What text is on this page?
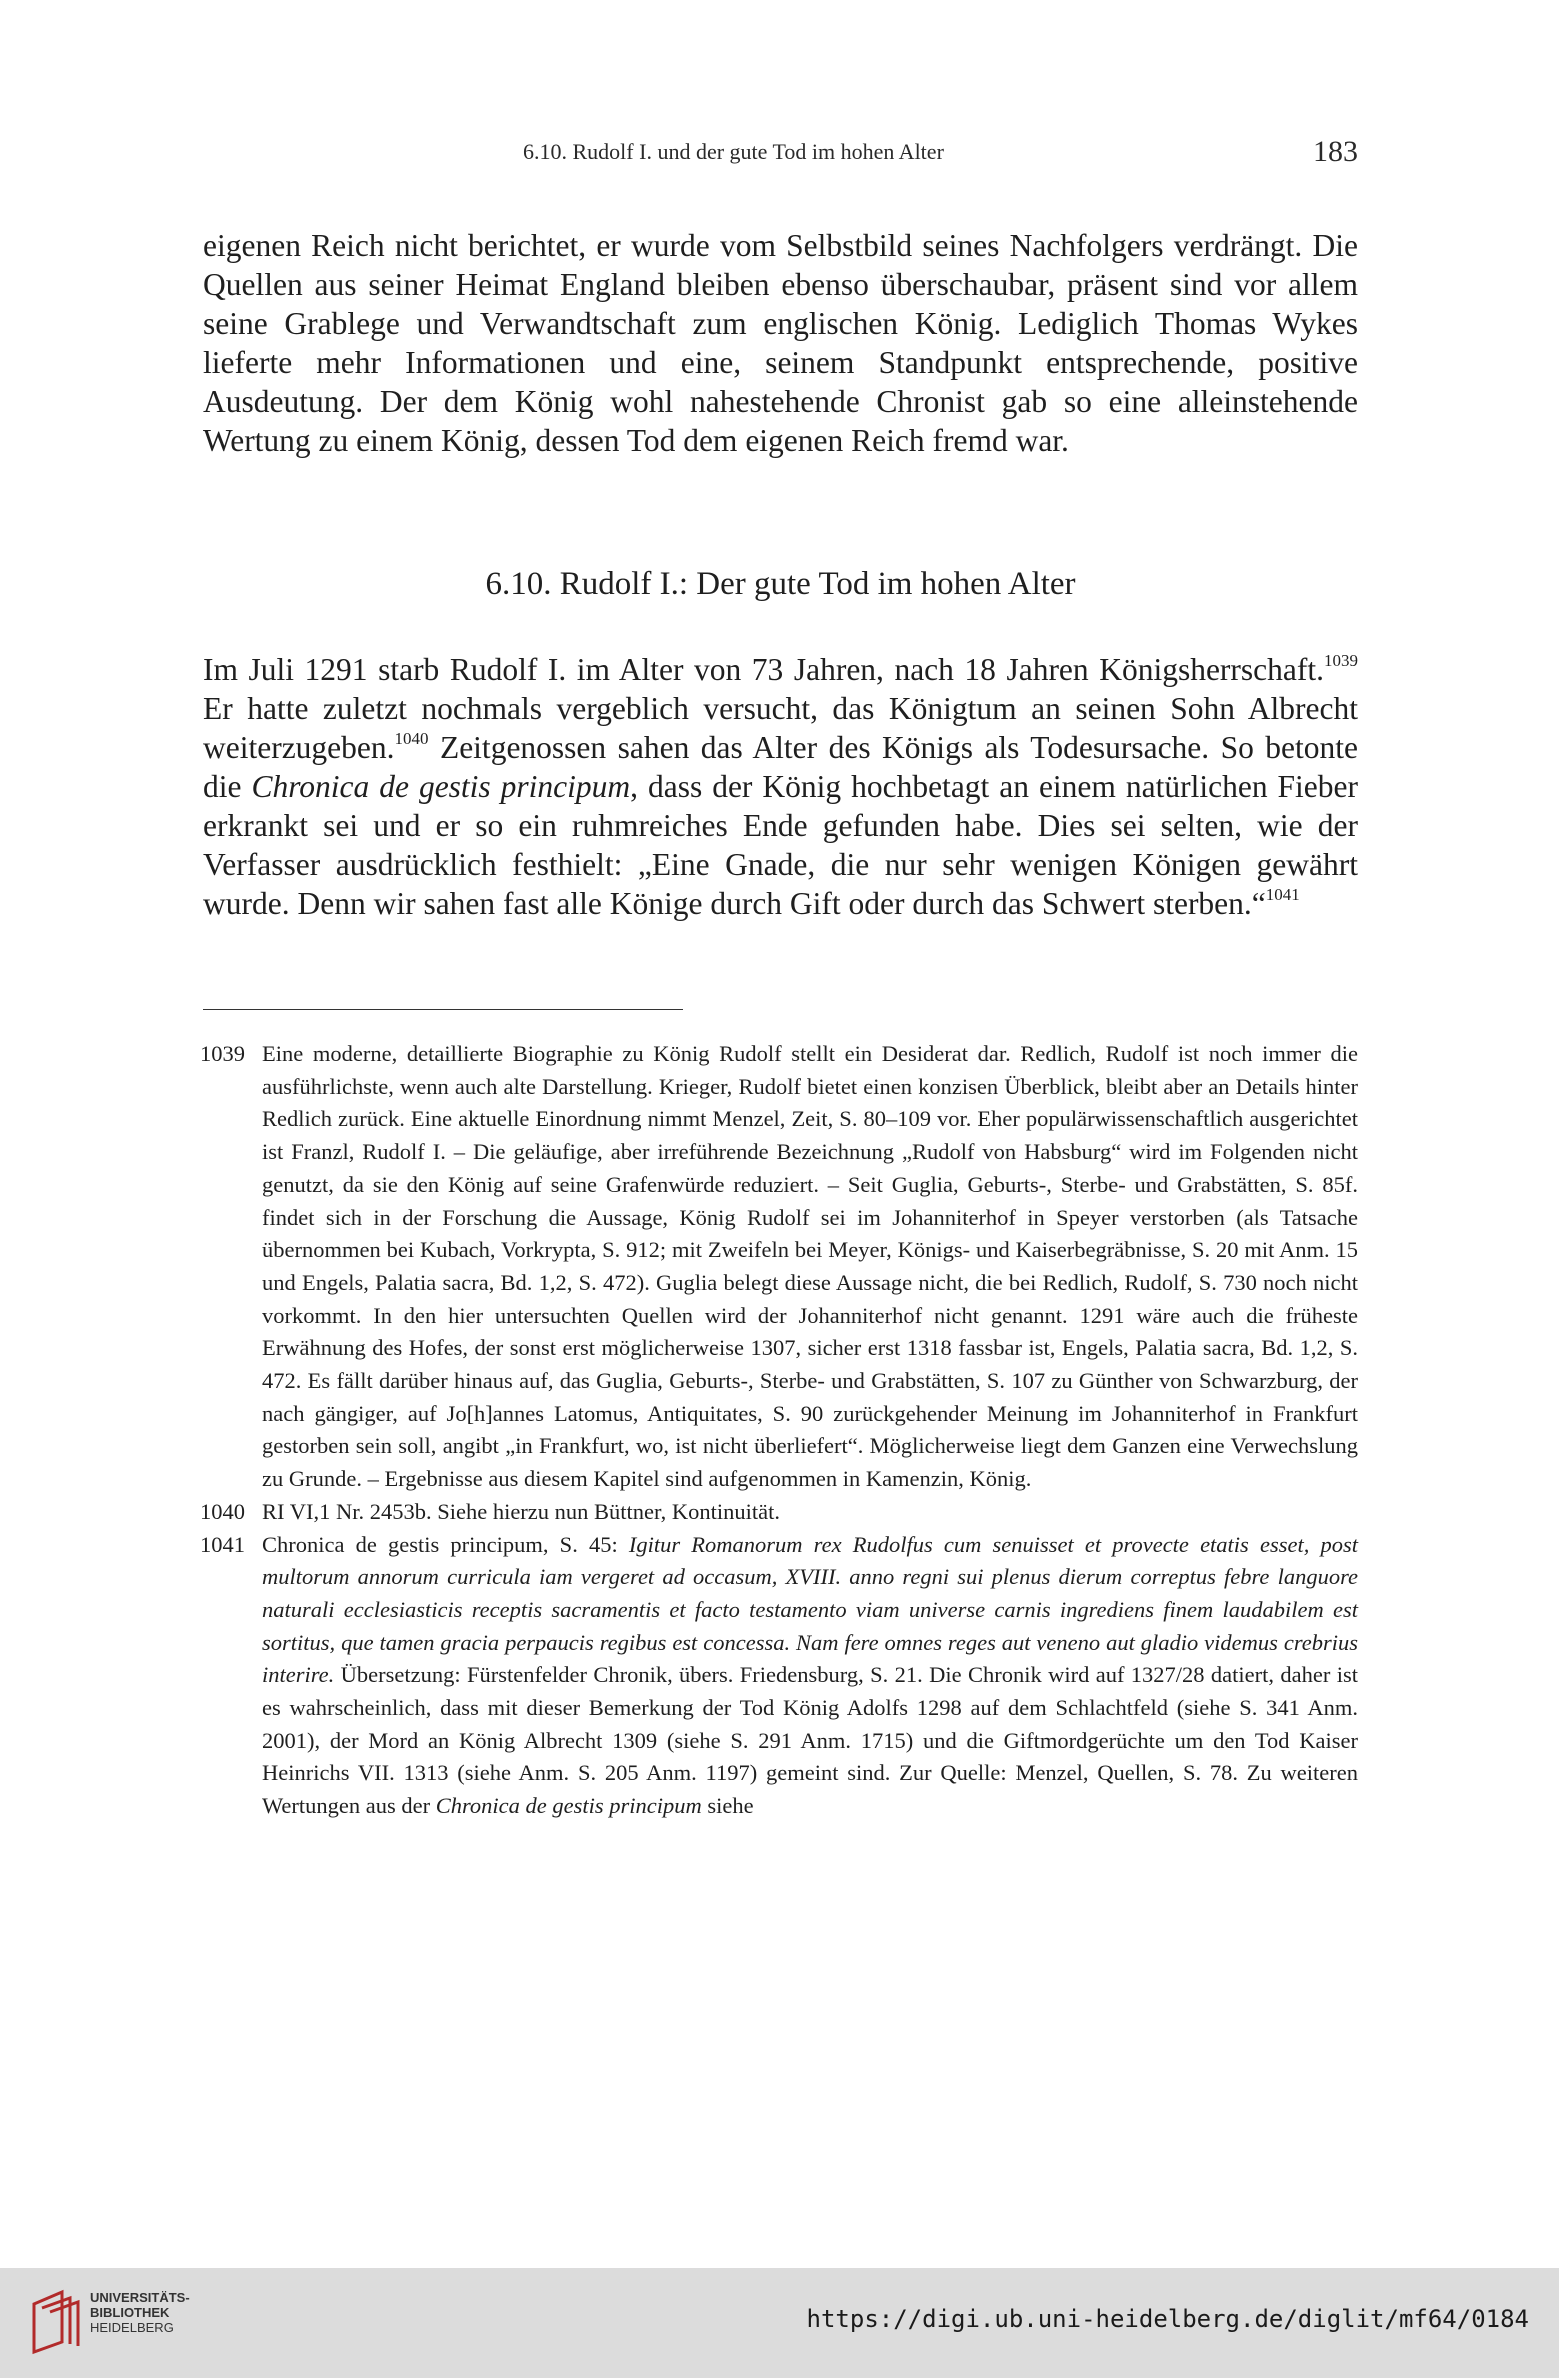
6.10. Rudolf I. und der gute Tod im hohen Alter	183

eigenen Reich nicht berichtet, er wurde vom Selbstbild seines Nachfolgers verdrängt. Die Quellen aus seiner Heimat England bleiben ebenso überschaubar, präsent sind vor allem seine Grablege und Verwandtschaft zum englischen König. Lediglich Thomas Wykes lieferte mehr Informationen und eine, seinem Standpunkt entsprechende, positive Ausdeutung. Der dem König wohl nahestehende Chronist gab so eine alleinstehende Wertung zu einem König, dessen Tod dem eigenen Reich fremd war.

6.10. Rudolf I.: Der gute Tod im hohen Alter

Im Juli 1291 starb Rudolf I. im Alter von 73 Jahren, nach 18 Jahren Königsherrschaft.$^{1039}$ Er hatte zuletzt nochmals vergeblich versucht, das Königtum an seinen Sohn Albrecht weiterzugeben.$^{1040}$ Zeitgenossen sahen das Alter des Königs als Todesursache. So betonte die Chronica de gestis principum, dass der König hochbetagt an einem natürlichen Fieber erkrankt sei und er so ein ruhmreiches Ende gefunden habe. Dies sei selten, wie der Verfasser ausdrücklich festhielt: „Eine Gnade, die nur sehr wenigen Königen gewährt wurde. Denn wir sahen fast alle Könige durch Gift oder durch das Schwert sterben.“$^{1041}$

1039 Eine moderne, detaillierte Biographie zu König Rudolf stellt ein Desiderat dar. Redlich, Rudolf ist noch immer die ausführlichste, wenn auch alte Darstellung. Krieger, Rudolf bietet einen konzisen Überblick, bleibt aber an Details hinter Redlich zurück. Eine aktuelle Einordnung nimmt Menzel, Zeit, S. 80–109 vor. Eher populärwissenschaftlich ausgerichtet ist Franzl, Rudolf I. – Die geläufige, aber irreführende Bezeichnung „Rudolf von Habsburg“ wird im Folgenden nicht genutzt, da sie den König auf seine Grafenwürde reduziert. – Seit Guglia, Geburts-, Sterbe- und Grabstätten, S. 85f. findet sich in der Forschung die Aussage, König Rudolf sei im Johanniterhof in Speyer verstorben (als Tatsache übernommen bei Kubach, Vorkrypta, S. 912; mit Zweifeln bei Meyer, Königs- und Kaiserbegräbnisse, S. 20 mit Anm. 15 und Engels, Palatia sacra, Bd. 1,2, S. 472). Guglia belegt diese Aussage nicht, die bei Redlich, Rudolf, S. 730 noch nicht vorkommt. In den hier untersuchten Quellen wird der Johanniterhof nicht genannt. 1291 wäre auch die früheste Erwähnung des Hofes, der sonst erst möglicherweise 1307, sicher erst 1318 fassbar ist, Engels, Palatia sacra, Bd. 1,2, S. 472. Es fällt darüber hinaus auf, das Guglia, Geburts-, Sterbe- und Grabstätten, S. 107 zu Günther von Schwarzburg, der nach gängiger, auf Jo[h]annes Latomus, Antiquitates, S. 90 zurückgehender Meinung im Johanniterhof in Frankfurt gestorben sein soll, angibt „in Frankfurt, wo, ist nicht überliefert“. Möglicherweise liegt dem Ganzen eine Verwechslung zu Grunde. – Ergebnisse aus diesem Kapitel sind aufgenommen in Kamenzin, König.

1040 RI VI,1 Nr. 2453b. Siehe hierzu nun Büttner, Kontinuität.

1041 Chronica de gestis principum, S. 45: Igitur Romanorum rex Rudolfus cum senuisset et provecte etatis esset, post multorum annorum curricula iam vergeret ad occasum, XVIII. anno regni sui plenus dierum correptus febre languore naturali ecclesiasticis receptis sacramentis et facto testamento viam universe carnis ingrediens finem laudabilem est sortitus, que tamen gracia perpaucis regibus est concessa. Nam fere omnes reges aut veneno aut gladio videmus crebrius interire. Übersetzung: Fürstenfelder Chronik, übers. Friedensburg, S. 21. Die Chronik wird auf 1327/28 datiert, daher ist es wahrscheinlich, dass mit dieser Bemerkung der Tod König Adolfs 1298 auf dem Schlachtfeld (siehe S. 341 Anm. 2001), der Mord an König Albrecht 1309 (siehe S. 291 Anm. 1715) und die Giftmordgerüchte um den Tod Kaiser Heinrichs VII. 1313 (siehe Anm. S. 205 Anm. 1197) gemeint sind. Zur Quelle: Menzel, Quellen, S. 78. Zu weiteren Wertungen aus der Chronica de gestis principum siehe

UNIVERSITÄTS-
BIBLIOTHEK
HEIDELBERG	https://digi.ub.uni-heidelberg.de/diglit/mf64/0184
